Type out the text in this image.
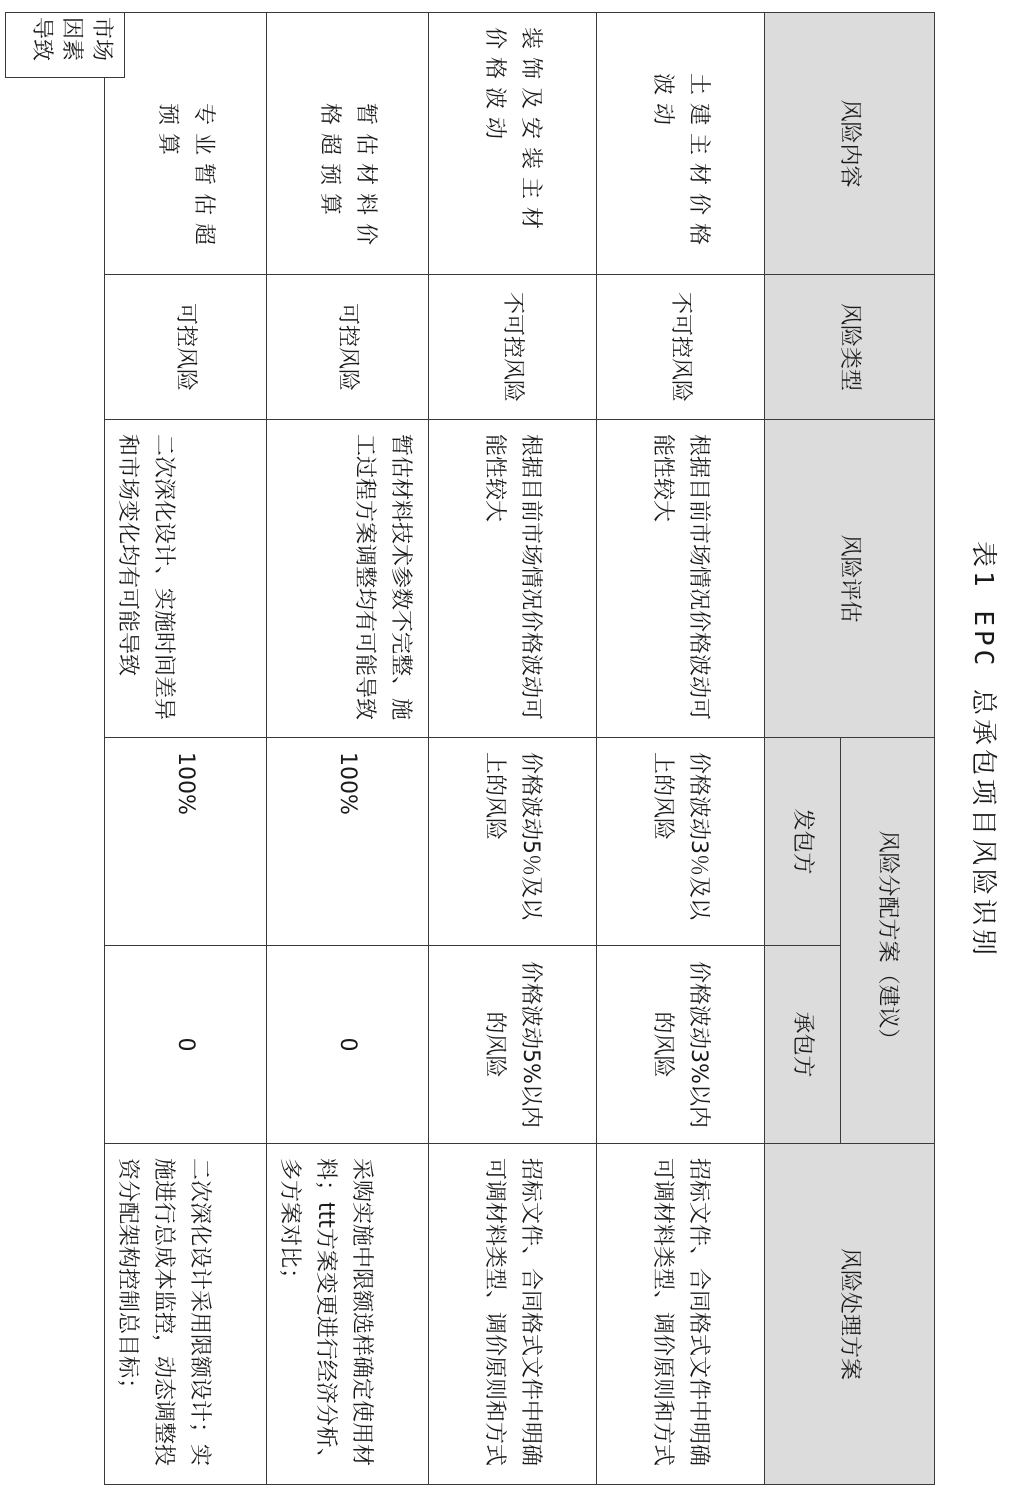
表1 EPC 总承包项目风险识别
风险内容	风险类型	风险评估	风险分配方案（建议）		风险处理方案
			发包方	承包方	
土建主材价格波动	不可控风险	根据目前市场情况价格波动可能性较大	价格波动3％及以上的风险	价格波动3%以内的风险	招标文件、合同格式文件中明确可调材料类型、调价原则和方式
装饰及安装主材价格波动	不可控风险	根据目前市场情况价格波动可能性较大	价格波动5％及以上的风险	价格波动5%以内的风险	招标文件、合同格式文件中明确可调材料类型、调价原则和方式
暂估材料价格超预算	可控风险	暂估材料技术参数不完整、施工过程方案调整均有可能导致	100%	0	采购实施中限额选样确定使用材料；ttt方案变更进行经济分析、多方案对比；
专业暂估超预算	可控风险	二次深化设计、实施时间差异和市场变化均有可能导致	100%	0	二次深化设计采用限额设计；实施进行总成本监控，动态调整投资分配架构控制总目标；
市场
因素
导致
